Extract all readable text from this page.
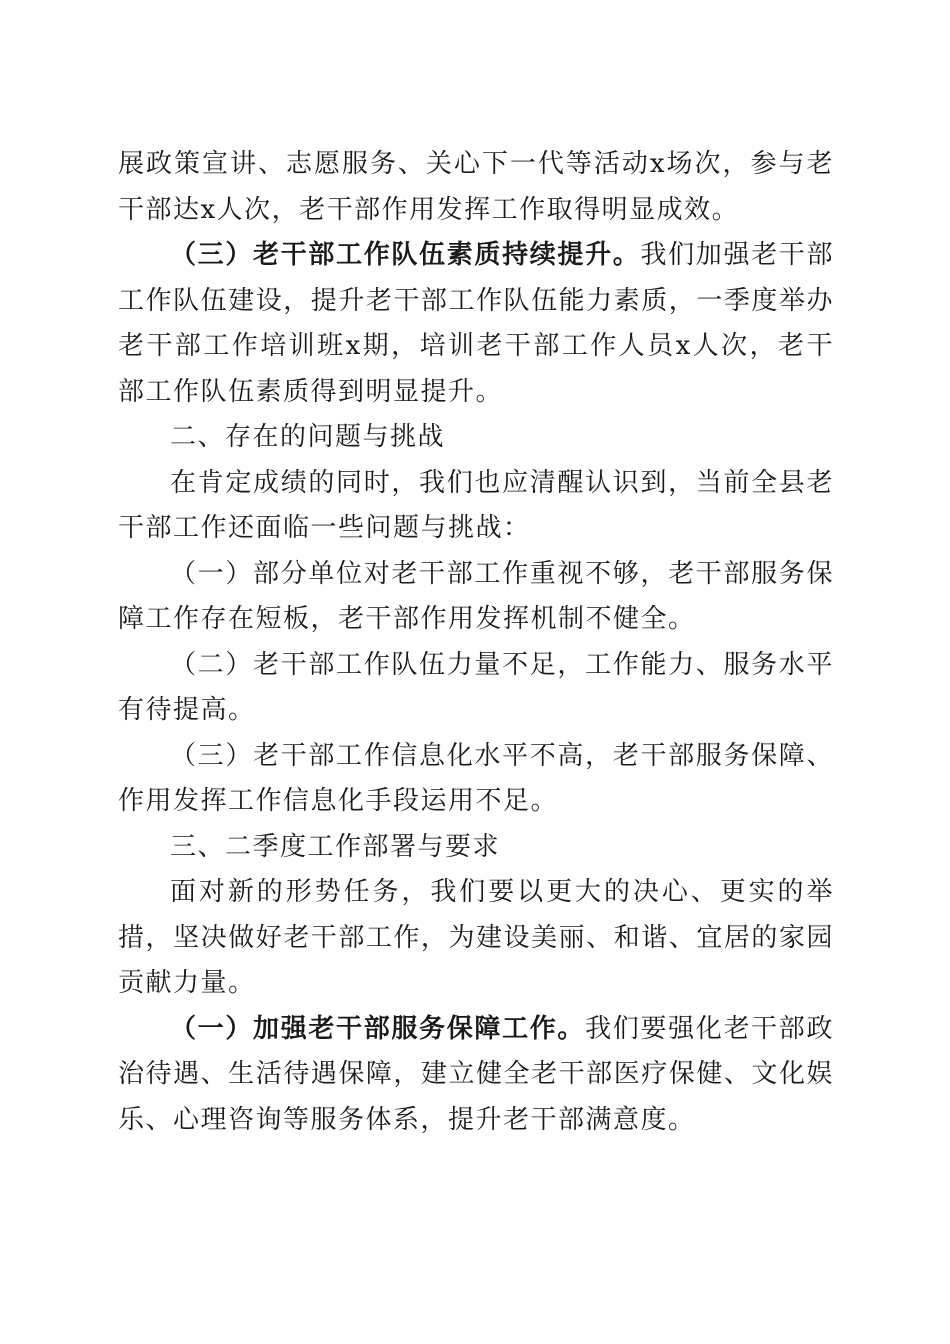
展政策宣讲、志愿服务、关心下一代等活动x场次，参与老干部达x人次，老干部作用发挥工作取得明显成效。

（三）老干部工作队伍素质持续提升。我们加强老干部工作队伍建设，提升老干部工作队伍能力素质，一季度举办老干部工作培训班x期，培训老干部工作人员x人次，老干部工作队伍素质得到明显提升。

二、存在的问题与挑战

在肯定成绩的同时，我们也应清醒认识到，当前全县老干部工作还面临一些问题与挑战：

（一）部分单位对老干部工作重视不够，老干部服务保障工作存在短板，老干部作用发挥机制不健全。

（二）老干部工作队伍力量不足，工作能力、服务水平有待提高。

（三）老干部工作信息化水平不高，老干部服务保障、作用发挥工作信息化手段运用不足。

三、二季度工作部署与要求

面对新的形势任务，我们要以更大的决心、更实的举措，坚决做好老干部工作，为建设美丽、和谐、宜居的家园贡献力量。

（一）加强老干部服务保障工作。我们要强化老干部政治待遇、生活待遇保障，建立健全老干部医疗保健、文化娱乐、心理咨询等服务体系，提升老干部满意度。
